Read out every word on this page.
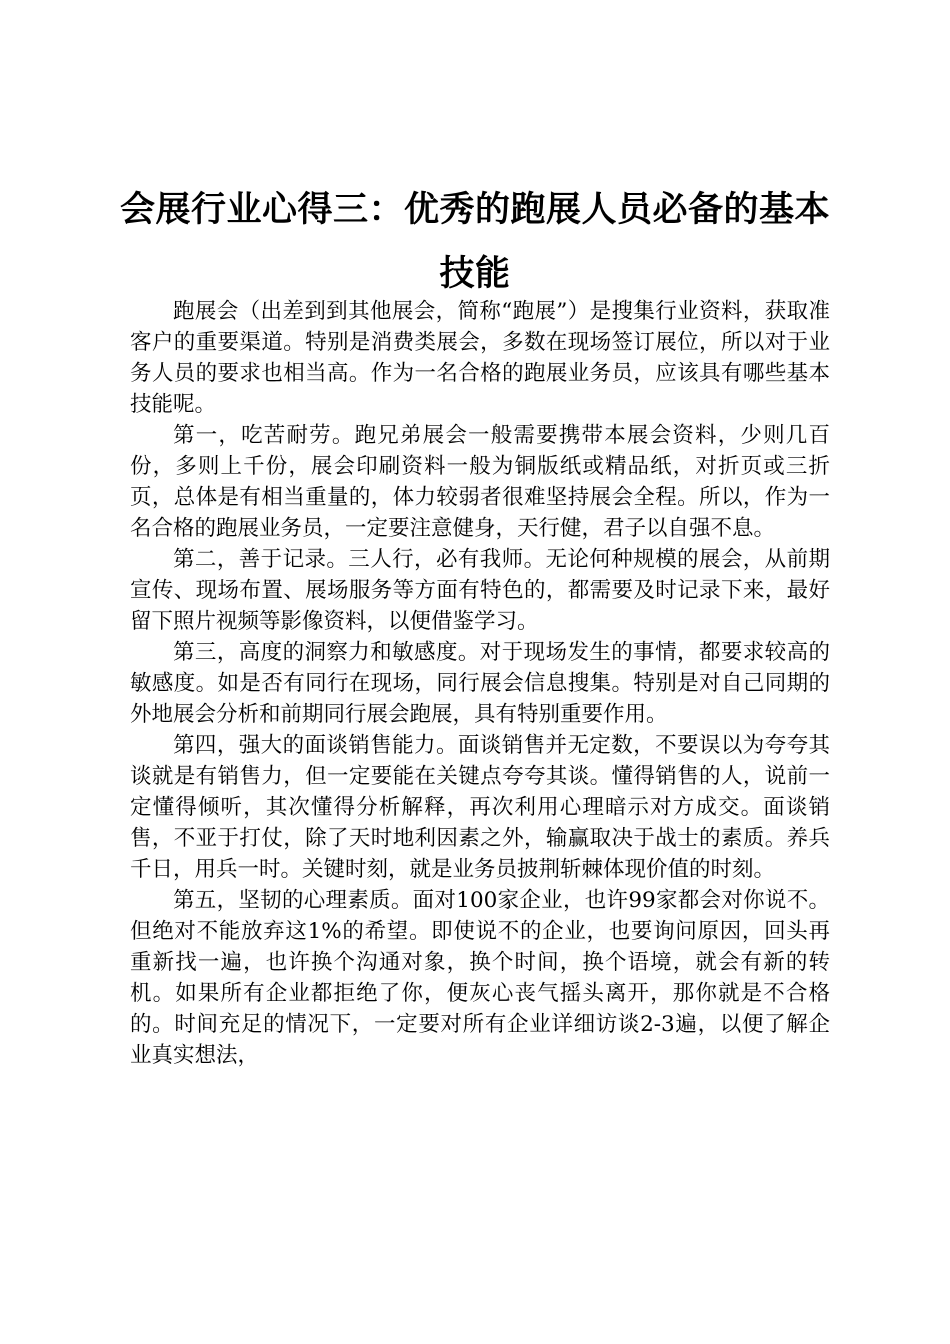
会展行业心得三：优秀的跑展人员必备的基本技能

跑展会（出差到到其他展会，简称“跑展”）是搜集行业资料，获取准客户的重要渠道。特别是消费类展会，多数在现场签订展位，所以对于业务人员的要求也相当高。作为一名合格的跑展业务员，应该具有哪些基本技能呢。

第一，吃苦耐劳。跑兄弟展会一般需要携带本展会资料，少则几百份，多则上千份，展会印刷资料一般为铜版纸或精品纸，对折页或三折页，总体是有相当重量的，体力较弱者很难坚持展会全程。所以，作为一名合格的跑展业务员，一定要注意健身，天行健，君子以自强不息。

第二，善于记录。三人行，必有我师。无论何种规模的展会，从前期宣传、现场布置、展场服务等方面有特色的，都需要及时记录下来，最好留下照片视频等影像资料，以便借鉴学习。

第三，高度的洞察力和敏感度。对于现场发生的事情，都要求较高的敏感度。如是否有同行在现场，同行展会信息搜集。特别是对自己同期的外地展会分析和前期同行展会跑展，具有特别重要作用。

第四，强大的面谈销售能力。面谈销售并无定数，不要误以为夸夸其谈就是有销售力，但一定要能在关键点夸夸其谈。懂得销售的人，说前一定懂得倾听，其次懂得分析解释，再次利用心理暗示对方成交。面谈销售，不亚于打仗，除了天时地利因素之外，输赢取决于战士的素质。养兵千日，用兵一时。关键时刻，就是业务员披荆斩棘体现价值的时刻。

第五，坚韧的心理素质。面对100家企业，也许99家都会对你说不。但绝对不能放弃这1%的希望。即使说不的企业，也要询问原因，回头再重新找一遍，也许换个沟通对象，换个时间，换个语境，就会有新的转机。如果所有企业都拒绝了你，便灰心丧气摇头离开，那你就是不合格的。时间充足的情况下，一定要对所有企业详细访谈2-3遍，以便了解企业真实想法，
